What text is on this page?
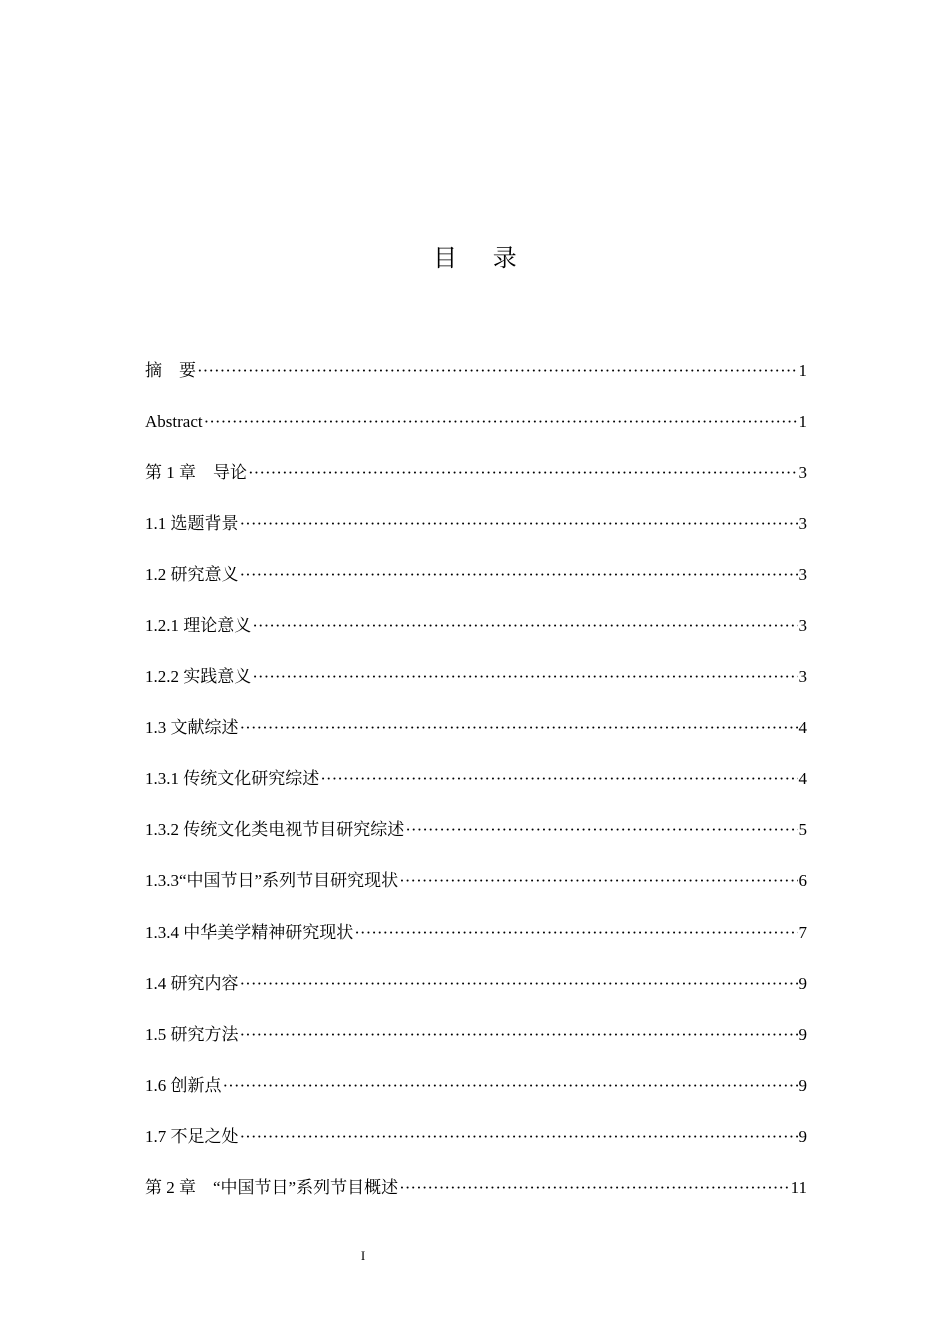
目 录
摘　要 ·····	1
Abstract ·····	1
第 1 章　导论 ·····	3
1.1 选题背景 ·····	3
1.2 研究意义 ·····	3
1.2.1 理论意义 ·····	3
1.2.2 实践意义 ·····	3
1.3 文献综述 ·····	4
1.3.1 传统文化研究综述 ·····	4
1.3.2 传统文化类电视节目研究综述 ·····	5
1.3.3“中国节日”系列节目研究现状 ·····	6
1.3.4 中华美学精神研究现状 ·····	7
1.4 研究内容 ·····	9
1.5 研究方法 ·····	9
1.6 创新点 ·····	9
1.7 不足之处 ·····	9
第 2 章　“中国节日”系列节目概述 ·····	11
I
